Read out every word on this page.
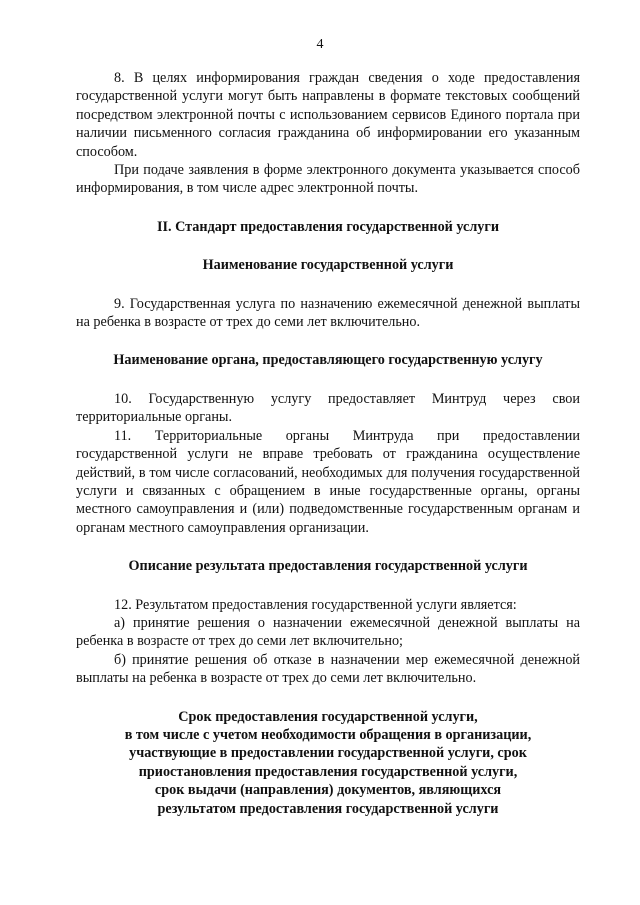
4

8. В целях информирования граждан сведения о ходе предоставления государственной услуги могут быть направлены в формате текстовых сообщений посредством электронной почты с использованием сервисов Единого портала при наличии письменного согласия гражданина об информировании его указанным способом.

При подаче заявления в форме электронного документа указывается способ информирования, в том числе адрес электронной почты.

II. Стандарт предоставления государственной услуги

Наименование государственной услуги

9. Государственная услуга по назначению ежемесячной денежной выплаты на ребенка в возрасте от трех до семи лет включительно.

Наименование органа, предоставляющего государственную услугу

10. Государственную услугу предоставляет Минтруд через свои территориальные органы.

11. Территориальные органы Минтруда при предоставлении государственной услуги не вправе требовать от гражданина осуществление действий, в том числе согласований, необходимых для получения государственной услуги и связанных с обращением в иные государственные органы, органы местного самоуправления и (или) подведомственные государственным органам и органам местного самоуправления организации.

Описание результата предоставления государственной услуги

12. Результатом предоставления государственной услуги является:

а) принятие решения о назначении ежемесячной денежной выплаты на ребенка в возрасте от трех до семи лет включительно;

б) принятие решения об отказе в назначении мер ежемесячной денежной выплаты на ребенка в возрасте от трех до семи лет включительно.

Срок предоставления государственной услуги,
в том числе с учетом необходимости обращения в организации,
участвующие в предоставлении государственной услуги, срок
приостановления предоставления государственной услуги,
срок выдачи (направления) документов, являющихся
результатом предоставления государственной услуги
